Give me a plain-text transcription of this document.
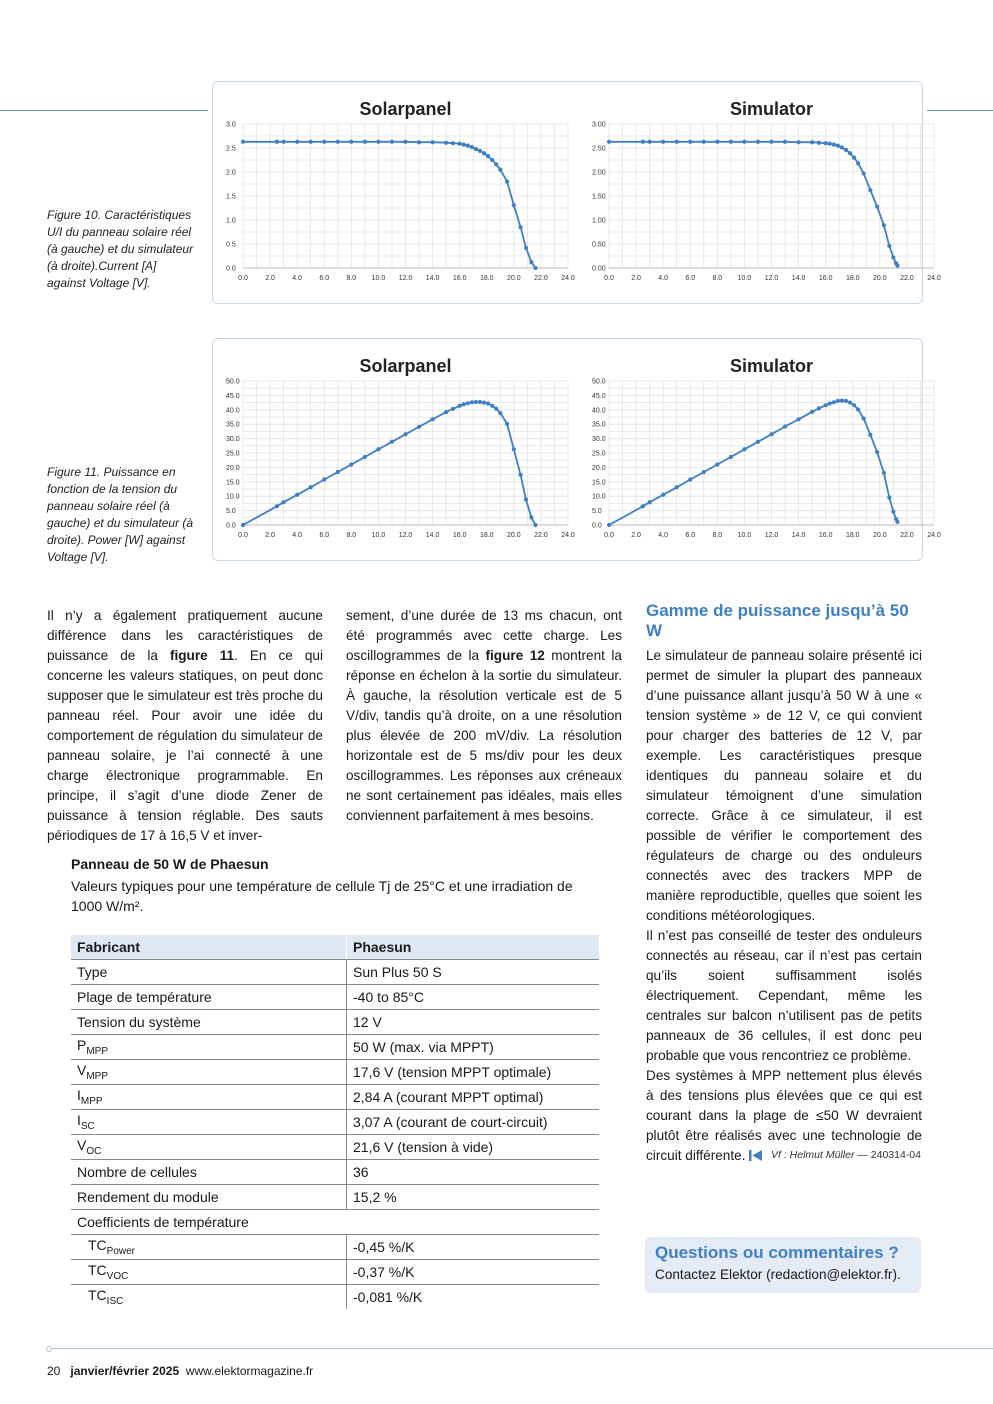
Figure 10. Caractéristiques U/I du panneau solaire réel (à gauche) et du simulateur (à droite).Current [A] against Voltage [V].
Solarpanel
0.0 2.0 4.0 6.0 8.0 10.0 12.0 14.0 16.0 18.0 20.0 22.0 24.0
0.0
0.5
1.0
1.5
2.0
2.5
3.0
Simulator
0.0 2.0 4.0 6.0 8.0 10.0 12.0 14.0 16.0 18.0 20.0 22.0 24.0
0.00
0.50
1.00
1.50
2.00
2.50
3.00
Figure 11. Puissance en fonction de la tension du panneau solaire réel (à gauche) et du simulateur (à droite). Power [W] against Voltage [V].
Solarpanel
0.0 2.0 4.0 6.0 8.0 10.0 12.0 14.0 16.0 18.0 20.0 22.0 24.0
0.0
5.0
10.0
15.0
20.0
25.0
30.0
35.0
40.0
45.0
50.0
Simulator
0.0 2.0 4.0 6.0 8.0 10.0 12.0 14.0 16.0 18.0 20.0 22.0 24.0
0.0
5.0
10.0
15.0
20.0
25.0
30.0
35.0
40.0
45.0
50.0
Il n’y a également pratiquement aucune différence dans les caractéristiques de puissance de la figure 11. En ce qui concerne les valeurs statiques, on peut donc supposer que le simulateur est très proche du panneau réel. Pour avoir une idée du comportement de régulation du simulateur de panneau solaire, je l’ai connecté à une charge électronique programmable. En principe, il s’agit d’une diode Zener de puissance à tension réglable. Des sauts périodiques de 17 à 16,5 V et inver-
sement, d’une durée de 13 ms chacun, ont été programmés avec cette charge. Les oscillogrammes de la figure 12 montrent la réponse en échelon à la sortie du simulateur. À gauche, la résolution verticale est de 5 V/div, tandis qu’à droite, on a une résolution plus élevée de 200 mV/div. La résolution horizontale est de 5 ms/div pour les deux oscillogrammes. Les réponses aux créneaux ne sont certainement pas idéales, mais elles conviennent parfaitement à mes besoins.
Gamme de puissance jusqu’à 50 W

Le simulateur de panneau solaire présenté ici permet de simuler la plupart des panneaux d’une puissance allant jusqu’à 50 W à une « tension système » de 12 V, ce qui convient pour charger des batteries de 12 V, par exemple. Les caractéristiques presque identiques du panneau solaire et du simulateur témoignent d’une simulation correcte. Grâce à ce simulateur, il est possible de vérifier le comportement des régulateurs de charge ou des onduleurs connectés avec des trackers MPP de manière reproductible, quelles que soient les conditions météorologiques.

Il n’est pas conseillé de tester des onduleurs connectés au réseau, car il n’est pas certain qu’ils soient suffisamment isolés électriquement. Cependant, même les centrales sur balcon n’utilisent pas de petits panneaux de 36 cellules, il est donc peu probable que vous rencontriez ce problème.

Des systèmes à MPP nettement plus élevés à des tensions plus élevées que ce qui est courant dans la plage de ≤50 W devraient plutôt être réalisés avec une technologie de circuit différente.	Vf : Helmut Müller — 240314-04
Panneau de 50 W de Phaesun
Valeurs typiques pour une température de cellule Tj de 25°C et une irradiation de 1000 W/m².
Fabricant	Phaesun
Type	Sun Plus 50 S
Plage de température	-40 to 85°C
Tension du système	12 V
$P_{MPP}$	50 W (max. via MPPT)
$V_{MPP}$	17,6 V (tension MPPT optimale)
$I_{MPP}$	2,84 A (courant MPPT optimal)
$I_{SC}$	3,07 A (courant de court-circuit)
$V_{OC}$	21,6 V (tension à vide)
Nombre de cellules	36
Rendement du module	15,2 %
Coefficients de température	
$TC_{Power}$	-0,45 %/K
$TC_{VOC}$	-0,37 %/K
$TC_{ISC}$	-0,081 %/K
Questions ou commentaires ?
Contactez Elektor (redaction@elektor.fr).
20 janvier/février 2025 www.elektormagazine.fr
